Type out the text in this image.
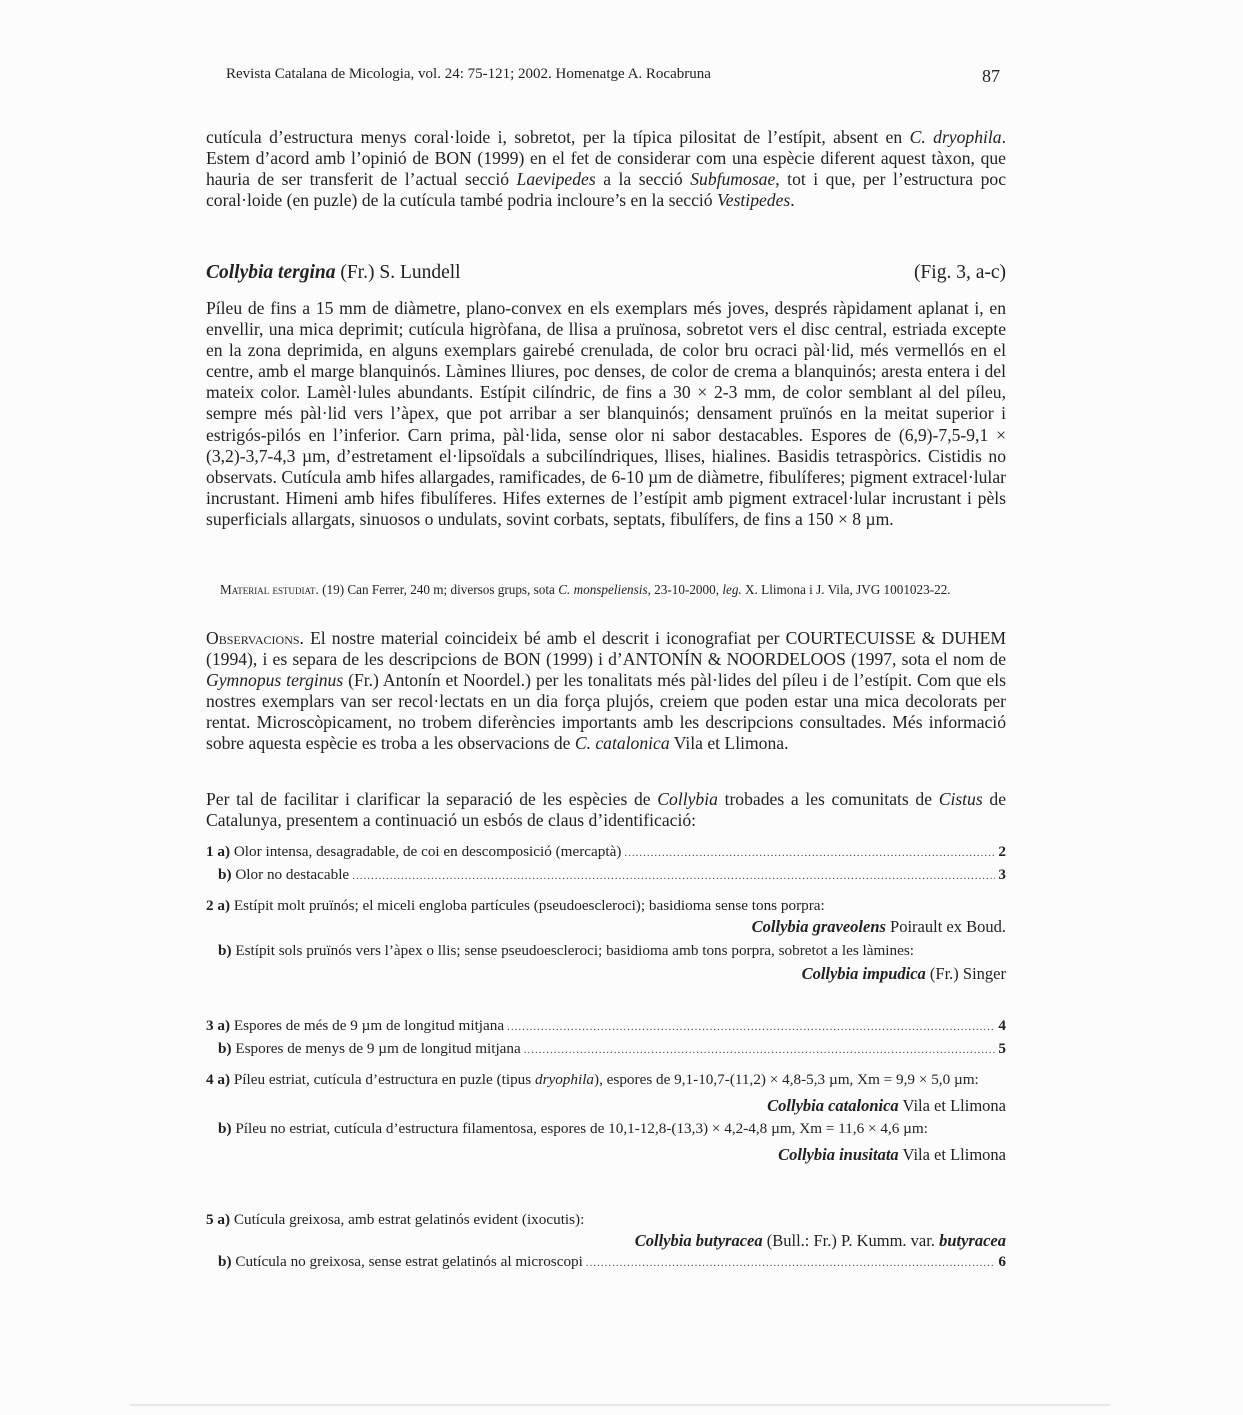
Revista Catalana de Micologia, vol. 24: 75-121; 2002. Homenatge A. Rocabruna	87

cutícula d’estructura menys coral·loide i, sobretot, per la típica pilositat de l’estípit, absent en C. dryophila. Estem d’acord amb l’opinió de BON (1999) en el fet de considerar com una espècie diferent aquest tàxon, que hauria de ser transferit de l’actual secció Laevipedes a la secció Subfumosae, tot i que, per l’estructura poc coral·loide (en puzle) de la cutícula també podria incloure’s en la secció Vestipedes.

Collybia tergina (Fr.) S. Lundell	(Fig. 3, a-c)

Píleu de fins a 15 mm de diàmetre, plano-convex en els exemplars més joves, després ràpidament aplanat i, en envellir, una mica deprimit; cutícula higròfana, de llisa a pruïnosa, sobretot vers el disc central, estriada excepte en la zona deprimida, en alguns exemplars gairebé crenulada, de color bru ocraci pàl·lid, més vermellós en el centre, amb el marge blanquinós. Làmines lliures, poc denses, de color de crema a blanquinós; aresta entera i del mateix color. Lamèl·lules abundants. Estípit cilíndric, de fins a 30 × 2-3 mm, de color semblant al del píleu, sempre més pàl·lid vers l’àpex, que pot arribar a ser blanquinós; densament pruïnós en la meitat superior i estrigós-pilós en l’inferior. Carn prima, pàl·lida, sense olor ni sabor destacables. Espores de (6,9)-7,5-9,1 × (3,2)-3,7-4,3 µm, d’estretament el·lipsoïdals a subcilíndriques, llises, hialines. Basidis tetraspòrics. Cistidis no observats. Cutícula amb hifes allargades, ramificades, de 6-10 µm de diàmetre, fibulíferes; pigment extracel·lular incrustant. Himeni amb hifes fibulíferes. Hifes externes de l’estípit amb pigment extracel·lular incrustant i pèls superficials allargats, sinuosos o undulats, sovint corbats, septats, fibulífers, de fins a 150 × 8 µm.

Material estudiat. (19) Can Ferrer, 240 m; diversos grups, sota C. monspeliensis, 23-10-2000, leg. X. Llimona i J. Vila, JVG 1001023-22.

Observacions. El nostre material coincideix bé amb el descrit i iconografiat per COURTECUISSE & DUHEM (1994), i es separa de les descripcions de BON (1999) i d’ANTONÍN & NOORDELOOS (1997, sota el nom de Gymnopus terginus (Fr.) Antonín et Noordel.) per les tonalitats més pàl·lides del píleu i de l’estípit. Com que els nostres exemplars van ser recol·lectats en un dia força plujós, creiem que poden estar una mica decolorats per rentat. Microscòpicament, no trobem diferències importants amb les descripcions consultades. Més informació sobre aquesta espècie es troba a les observacions de C. catalonica Vila et Llimona.

Per tal de facilitar i clarificar la separació de les espècies de Collybia trobades a les comunitats de Cistus de Catalunya, presentem a continuació un esbós de claus d’identificació:

1 a) Olor intensa, desagradable, de coi en descomposició (mercaptà) .....	2
b) Olor no destacable .....	3
2 a) Estípit molt pruïnós; el miceli engloba partícules (pseudoescleroci); basidioma sense tons porpra:
Collybia graveolens Poirault ex Boud.
b) Estípit sols pruïnós vers l’àpex o llis; sense pseudoescleroci; basidioma amb tons porpra, sobretot a les làmines:
Collybia impudica (Fr.) Singer
3 a) Espores de més de 9 µm de longitud mitjana .....	4
b) Espores de menys de 9 µm de longitud mitjana .....	5
4 a) Píleu estriat, cutícula d’estructura en puzle (tipus dryophila), espores de 9,1-10,7-(11,2) × 4,8-5,3 µm, Xm = 9,9 × 5,0 µm:
Collybia catalonica Vila et Llimona
b) Píleu no estriat, cutícula d’estructura filamentosa, espores de 10,1-12,8-(13,3) × 4,2-4,8 µm, Xm = 11,6 × 4,6 µm:
Collybia inusitata Vila et Llimona
5 a) Cutícula greixosa, amb estrat gelatinós evident (ixocutis):
Collybia butyracea (Bull.: Fr.) P. Kumm. var. butyracea
b) Cutícula no greixosa, sense estrat gelatinós al microscopi .....	6
